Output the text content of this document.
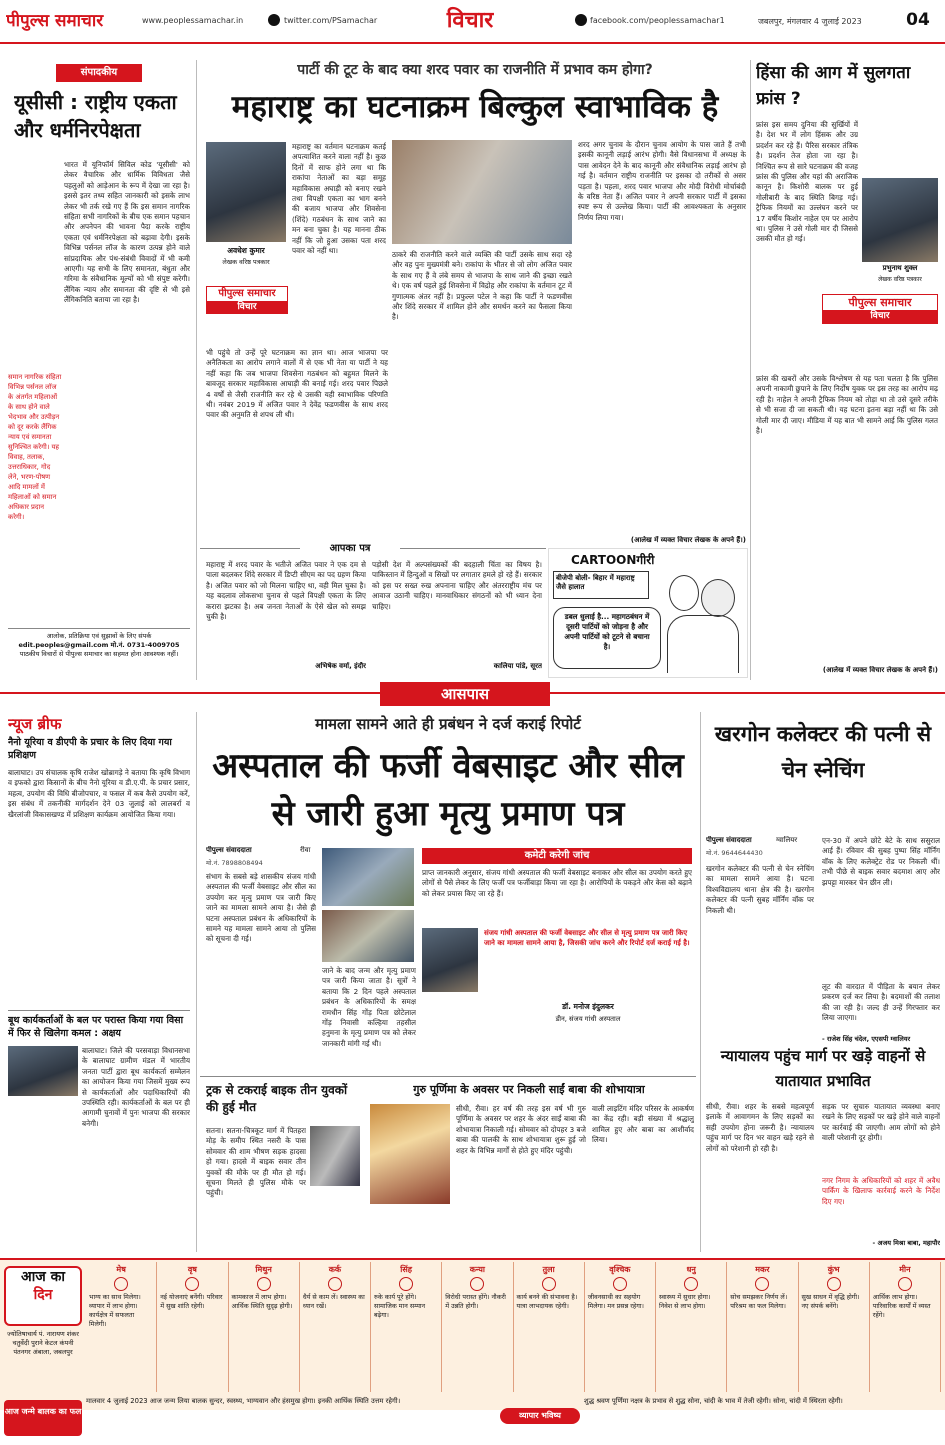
पीपुल्स समाचार	www.peoplessamachar.in	twitter.com/PSamachar	विचार	facebook.com/peoplessamachar1	जबलपुर, मंगलवार 4 जुलाई 2023	04
संपादकीय
यूसीसी : राष्ट्रीय एकता और धर्मनिरपेक्षता
भारत में यूनिफॉर्म सिविल कोड 'यूसीसी' को लेकर वैचारिक और धार्मिक विविधता जैसे पहलुओं को आड़ेआन के रूप में देखा जा रहा है। इससे इतर तथ्य सहित जानकारी को इसके लाभ लेकर भी तर्क रखे गए हैं कि इस समान नागरिक संहिता सभी नागरिकों के बीच एक समान पहचान और अपनेपन की भावना पैदा करके राष्ट्रीय एकता एवं धर्मनिरपेक्षता को बढ़ावा देगी। इसके विभिन्न पर्सनल लॉज के कारण उत्पन्न होने वाले सांप्रदायिक और पंथ-संबंधी विवादों में भी कमी आएगी। यह सभी के लिए समानता, बंधुता और गरिमा के संवैधानिक मूल्यों को भी संपुष्ट करेगी। लैंगिक न्याय और समानता की दृष्टि से भी इसे लैंगिकनिति बताया जा रहा है।
समान नागरिक संहिता विभिन्न पर्सनल लॉज के अंतर्गत महिलाओं के साथ होने वाले भेदभाव और उत्पीड़न को दूर करके लैंगिक न्याय एवं समानता सुनिश्चित करेगी। यह विवाह, तलाक, उत्तराधिकार, गोद लेने, भरण-पोषण आदि मामलों में महिलाओं को समान अधिकार प्रदान करेगी।
आलोक, प्रतिक्रिया एवं सुझावों के लिए संपर्क
edit.peoples@gmail.com मो.नं. 0731-4009705
पाठकीय विचारों से पीपुल्स समाचार का सहमत होना आवश्यक नहीं।
पार्टी की टूट के बाद क्या शरद पवार का राजनीति में प्रभाव कम होगा?
महाराष्ट्र का घटनाक्रम बिल्कुल स्वाभाविक है
अवधेश कुमार
लेखक वरिष्ठ पत्रकार
पीपुल्स समाचार
विचार
महाराष्ट्र का वर्तमान घटनाक्रम कतई अपत्याशित करने वाला नहीं है। कुछ दिनों में साफ होने लगा था कि राकांपा नेताओं का बड़ा समूह महाविकास अघाड़ी को बनाए रखने तथा विपक्षी एकता का भाग बनने की बजाय भाजपा और शिवसेना (शिंदे) गठबंधन के साथ जाने का मन बना चुका है। यह मानना ठीक नहीं कि जो हुआ उसका पता शरद पवार को नहीं था।
भी पहुंचे तो उन्हें पूरे घटनाक्रम का ज्ञान था। आज भाजपा पर अनैतिकता का आरोप लगाने वालों में से एक भी नेता या पार्टी ने यह नहीं कहा कि जब भाजपा शिवसेना गठबंधन को बहुमत मिलने के बावजूद सरकार महाविकास आघाड़ी की बनाई गई। शरद पवार पिछले 4 वर्षों से जैसी राजनीति कर रहे थे उसकी यही स्वाभाविक परिणति थी। नवंबर 2019 में अजित पवार ने देवेंद्र फडणवीस के साथ शरद पवार की अनुमति से शपथ ली थी।
ठाकरे की राजनीति करने वाले व्यक्ति की पार्टी उसके साथ सदा रहे और वह पुनः मुख्यमंत्री बने। राकांपा के भीतर से जो लोग अजित पवार के साथ गए हैं वे लंबे समय से भाजपा के साथ जाने की इच्छा रखते थे। एक वर्ष पहले हुई शिवसेना में विद्रोह और राकांपा के वर्तमान टूट में गुणात्मक अंतर नहीं है। प्रफुल्ल पटेल ने कहा कि पार्टी ने फडणवीस और शिंदे सरकार में शामिल होने और समर्थन करने का फैसला किया है।
शरद अगर चुनाव के दौरान चुनाव आयोग के पास जाते हैं तभी इसकी कानूनी लड़ाई आरंभ होगी। वैसे विधानसभा में अध्यक्ष के पास आवेदन देने के बाद कानूनी और संवैधानिक लड़ाई आरंभ हो गई है। वर्तमान राष्ट्रीय राजनीति पर इसका दो तरीकों से असर पड़ता है। पहला, शरद पवार भाजपा और मोदी विरोधी मोर्चाबंदी के वरिष्ठ नेता हैं। अजित पवार ने अपनी सरकार पार्टी में इसका स्पष्ट रूप से उल्लेख किया। पार्टी की आवश्यकता के अनुसार निर्णय लिया गया।
(आलेख में व्यक्त विचार लेखक के अपने हैं।)
आपका पत्र
महाराष्ट्र में शरद पवार के भतीजे अजित पवार ने एक दम से पाला बदलकर शिंदे सरकार में डिप्टी सीएम का पद ग्रहण किया है। अजित पवार को जो मिलना चाहिए था, वही मिल चुका है। यह बदलाव लोकसभा चुनाव से पहले विपक्षी एकता के लिए करारा झटका है। अब जनता नेताओं के ऐसे खेल को समझ चुकी है।
अभिषेक वर्मा, इंदौर
पड़ोसी देश में अल्पसंख्यकों की बदहाली चिंता का विषय है। पाकिस्तान में हिन्दुओं व सिखों पर लगातार हमले हो रहे हैं। सरकार को इस पर सख्त रुख अपनाना चाहिए और अंतरराष्ट्रीय मंच पर आवाज उठानी चाहिए। मानवाधिकार संगठनों को भी ध्यान देना चाहिए।
कालिया पांडे, सूरत
CARTOONगीरी
बीजेपी बोली- बिहार में महाराष्ट्र जैसे हालात
डबल धुलाई है... महागठबंधन में दूसरी पार्टियों को जोड़ना है और अपनी पार्टियों को टूटने से बचाना है।
हिंसा की आग में सुलगता फ्रांस ?
प्रभुनाथ शुक्ल
लेखक वरिष्ठ पत्रकार
पीपुल्स समाचार
विचार
फ्रांस इस समय दुनिया की सुर्खियों में है। देश भर में लोग हिंसक और उग्र प्रदर्शन कर रहे हैं। पैरिस सरकार तंत्रिक है। प्रदर्शन तेज होता जा रहा है। निश्चित रूप से सारे घटनाक्रम की वजह फ्रांस की पुलिस और यहां की अराजिक कानून है। किशोरी बालक पर हुई गोलीबारी के बाद स्थिति बिगड़ गई। ट्रैफिक नियमों का उल्लंघन करने पर 17 वर्षीय किशोर नाहेल एम पर आरोप था। पुलिस ने उसे गोली मार दी जिससे उसकी मौत हो गई।
फ्रांस की खबरों और उसके विश्लेषण से यह पता चलता है कि पुलिस अपनी नाकामी छुपाने के लिए निर्दोष युवक पर इस तरह का आरोप मढ़ रही है। नाहेल ने अपनी ट्रैफिक नियम को तोड़ा था तो उसे दूसरे तरीके से भी सजा दी जा सकती थी। यह घटना इतना बड़ा नहीं था कि उसे गोली मार दी जाए। मीडिया में यह बात भी सामने आई कि पुलिस गलत है।
(आलेख में व्यक्त विचार लेखक के अपने हैं।)
आसपास
न्यूज ब्रीफ
नैनो यूरिया व डीएपी के प्रचार के लिए दिया गया प्रशिक्षण
बालाघाट। उप संचालक कृषि राजेश खोब्रागड़े ने बताया कि कृषि विभाग व इफको द्वारा किसानों के बीच नैनो यूरिया व डी.ए.पी. के प्रचार प्रसार, महत्व, उपयोग की विधि बीजोपचार, व फसल में कब कैसे उपयोग करें, इस संबंध में तकनीकी मार्गदर्शन देने 03 जुलाई को लालबर्रा व खैरलांजी विकासखण्ड में प्रशिक्षण कार्यक्रम आयोजित किया गया।
बूथ कार्यकर्ताओं के बल पर परास्त किया गया विसा में फिर से खिलेगा कमल : अक्षय
बालाघाट। जिले की परसवाड़ा विधानसभा के बालाघाट ग्रामीण मंडल में भारतीय जनता पार्टी द्वारा बूथ कार्यकर्ता सम्मेलन का आयोजन किया गया जिसमें मुख्य रूप से कार्यकर्ताओं और पदाधिकारियों की उपस्थिति रही। कार्यकर्ताओं के बल पर ही आगामी चुनावों में पुनः भाजपा की सरकार बनेगी।
मामला सामने आते ही प्रबंधन ने दर्ज कराई रिपोर्ट
अस्पताल की फर्जी वेबसाइट और सील से जारी हुआ मृत्यु प्रमाण पत्र
पीपुल्स संवाददाता	रीवा
मो.नं. 7898808494
संभाग के सबसे बड़े शासकीय संजय गांधी अस्पताल की फर्जी वेबसाइट और सील का उपयोग कर मृत्यु प्रमाण पत्र जारी किए जाने का मामला सामने आया है। जैसे ही घटना अस्पताल प्रबंधन के अधिकारियों के सामने यह मामला सामने आया तो पुलिस को सूचना दी गई।
जाने के बाद जन्म और मृत्यु प्रमाण पत्र जारी किया जाता है। सूत्रों ने बताया कि 2 दिन पहले अस्पताल प्रबंधन के अधिकारियों के समक्ष रामधीन सिंह गोंड़ पिता छोटेलाल गोंड़ निवासी कल्हिया तहसील हनुमना के मृत्यु प्रमाण पत्र को लेकर जानकारी मांगी गई थी।
कमेटी करेगी जांच
प्राप्त जानकारी अनुसार, संजय गांधी अस्पताल की फर्जी वेबसाइट बनाकर और सील का उपयोग करते हुए लोगों से पैसे लेकर के लिए फर्जी पत्र फर्जीबाड़ा किया जा रहा है। आरोपियों के पकड़ने और केस को बढ़ाने को लेकर प्रयास किए जा रहे हैं।
संजय गांधी अस्पताल की फर्जी वेबसाइट और सील से मृत्यु प्रमाण पत्र जारी किए जाने का मामला सामने आया है, जिसकी जांच करने और रिपोर्ट दर्ज कराई गई है।
डॉ. मनोज इंदुलकर
डीन, संजय गांधी अस्पताल
खरगोन कलेक्टर की पत्नी से चेन स्नेचिंग
पीपुल्स संवाददाता	ग्वालियर
मो.नं. 9644644430
खरगोन कलेक्टर की पत्नी से चेन स्नेचिंग का मामला सामने आया है। घटना विश्वविद्यालय थाना क्षेत्र की है। खरगोन कलेक्टर की पत्नी सुबह मॉर्निंग वॉक पर निकली थी।
एन-30 में अपने छोटे बेटे के साथ ससुराल आई हैं। रविवार की सुबह पुष्पा सिंह मॉर्निंग वॉक के लिए कलेक्ट्रेट रोड पर निकली थीं। तभी पीछे से बाइक सवार बदमाश आए और झपट्टा मारकर चेन छीन ली।
लूट की वारदात में पीड़िता के बयान लेकर प्रकरण दर्ज कर लिया है। बदमाशों की तलाश की जा रही है। जल्द ही उन्हें गिरफ्तार कर लिया जाएगा।
- राजेश सिंह चंदेल, एएसपी ग्वालियर
न्यायालय पहुंच मार्ग पर खड़े वाहनों से यातायात प्रभावित
सीधी, रीवा। शहर के सबसे महत्वपूर्ण इलाके में आवागमन के लिए सड़कों का सही उपयोग होना जरूरी है। न्यायालय पहुंच मार्ग पर दिन भर वाहन खड़े रहने से लोगों को परेशानी हो रही है।
सड़क पर सुचारु यातायात व्यवस्था बनाए रखने के लिए सड़कों पर खड़े होने वाले वाहनों पर कार्रवाई की जाएगी। आम लोगों को होने वाली परेशानी दूर होगी।
नगर निगम के अधिकारियों को शहर में अवैध पार्किंग के खिलाफ कार्रवाई करने के निर्देश दिए गए।
- अजय मिश्रा बाबा, महापौर
ट्रक से टकराई बाइक तीन युवकों की हुई मौत
सतना। सतना-चित्रकूट मार्ग में पितहरा मोड़ के समीप स्थित नसरी के पास सोमवार की शाम भीषण सड़क हादसा हो गया। हादसे में बाइक सवार तीन युवकों की मौके पर ही मौत हो गई। सूचना मिलते ही पुलिस मौके पर पहुंची।
गुरु पूर्णिमा के अवसर पर निकली साईं बाबा की शोभायात्रा
सीधी, रीवा। हर वर्ष की तरह इस वर्ष भी गुरु पूर्णिमा के अवसर पर शहर के अंदर साईं बाबा की शोभायात्रा निकाली गई। सोमवार को दोपहर 3 बजे बाबा की पालकी के साथ शोभायात्रा शुरू हुई जो शहर के विभिन्न मार्गों से होते हुए मंदिर पहुंची।
वाली लाइटिंग मंदिर परिसर के आकर्षण का केंद्र रही। बड़ी संख्या में श्रद्धालु शामिल हुए और बाबा का आशीर्वाद लिया।
आज का
दिन
ज्योतिषाचार्य पं. नारायण शंकर चतुर्वेदी पुराने केटल कंपनी पंतनगर अंबाला, जबलपुर
मेष

भाग्य का साथ मिलेगा। व्यापार में लाभ होगा। कार्यक्षेत्र में सफलता मिलेगी।

वृष

नई योजनाएं बनेंगी। परिवार में सुख शांति रहेगी।

मिथुन

कामकाज में लाभ होगा। आर्थिक स्थिति सुदृढ़ होगी।

कर्क

धैर्य से काम लें। स्वास्थ्य का ध्यान रखें।

सिंह

रुके कार्य पूरे होंगे। सामाजिक मान सम्मान बढ़ेगा।

कन्या

विरोधी परास्त होंगे। नौकरी में उन्नति होगी।

तुला

कार्य बनने की संभावना है। यात्रा लाभदायक रहेगी।

वृश्चिक

जीवनसाथी का सहयोग मिलेगा। मन प्रसन्न रहेगा।

धनु

स्वास्थ्य में सुधार होगा। निवेश से लाभ होगा।

मकर

सोच समझकर निर्णय लें। परिश्रम का फल मिलेगा।

कुंभ

सुख साधन में वृद्धि होगी। नए संपर्क बनेंगे।

मीन

आर्थिक लाभ होगा। पारिवारिक कार्यों में व्यस्त रहेंगे।

आज जन्मे बालक का फल
मालवार 4 जुलाई 2023 आज जन्म लिया बालक सुन्दर, स्वस्थ्य, भाग्यवान और हंसमुख होगा। इनकी आर्थिक स्थिति उत्तम रहेगी।
व्यापार भविष्य
शुद्ध श्रवण पूर्णिमा नक्षत्र के प्रभाव से शुद्ध सोना, चांदी के भाव में तेजी रहेगी। सोना, चांदी में स्थिरता रहेगी।
